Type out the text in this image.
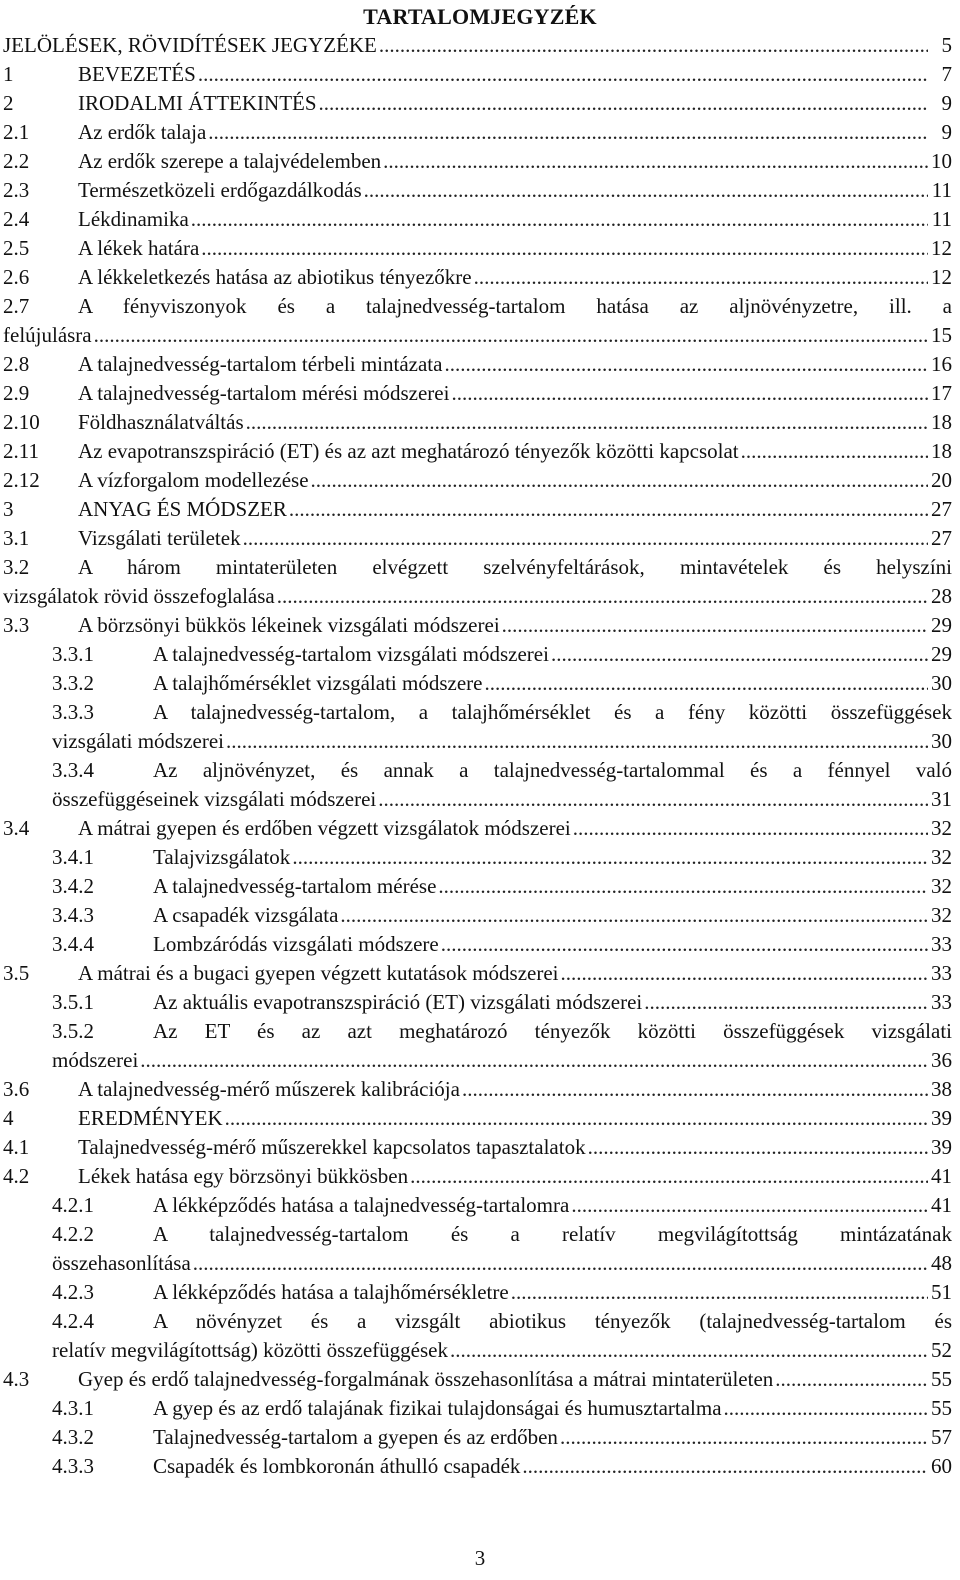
TARTALOMJEGYZÉK
JELÖLÉSEK, RÖVIDÍTÉSEK JEGYZÉKE .....	5
1	BEVEZETÉS .....	7
2	IRODALMI ÁTTEKINTÉS .....	9
2.1	Az erdők talaja .....	9
2.2	Az erdők szerepe a talajvédelemben .....	10
2.3	Természetközeli erdőgazdálkodás .....	11
2.4	Lékdinamika .....	11
2.5	A lékek határa .....	12
2.6	A lékkeletkezés hatása az abiotikus tényezőkre .....	12
2.7	A fényviszonyok és a talajnedvesség-tartalom hatása az aljnövényzetre, ill. a
felújulásra .....	15
2.8	A talajnedvesség-tartalom térbeli mintázata .....	16
2.9	A talajnedvesség-tartalom mérési módszerei .....	17
2.10	Földhasználatváltás .....	18
2.11	Az evapotranszspiráció (ET) és az azt meghatározó tényezők közötti kapcsolat .....	18
2.12	A vízforgalom modellezése .....	20
3	ANYAG ÉS MÓDSZER .....	27
3.1	Vizsgálati területek .....	27
3.2	A három mintaterületen elvégzett szelvényfeltárások, mintavételek és helyszíni
vizsgálatok rövid összefoglalása .....	28
3.3	A börzsönyi bükkös lékeinek vizsgálati módszerei .....	29
3.3.1	A talajnedvesség-tartalom vizsgálati módszerei .....	29
3.3.2	A talajhőmérséklet vizsgálati módszere .....	30
3.3.3	A talajnedvesség-tartalom, a talajhőmérséklet és a fény közötti összefüggések
vizsgálati módszerei .....	30
3.3.4	Az aljnövényzet, és annak a talajnedvesség-tartalommal és a fénnyel való
összefüggéseinek vizsgálati módszerei .....	31
3.4	A mátrai gyepen és erdőben végzett vizsgálatok módszerei .....	32
3.4.1	Talajvizsgálatok .....	32
3.4.2	A talajnedvesség-tartalom mérése .....	32
3.4.3	A csapadék vizsgálata .....	32
3.4.4	Lombzáródás vizsgálati módszere .....	33
3.5	A mátrai és a bugaci gyepen végzett kutatások módszerei .....	33
3.5.1	Az aktuális evapotranszspiráció (ET) vizsgálati módszerei .....	33
3.5.2	Az ET és az azt meghatározó tényezők közötti összefüggések vizsgálati
módszerei .....	36
3.6	A talajnedvesség-mérő műszerek kalibrációja .....	38
4	EREDMÉNYEK .....	39
4.1	Talajnedvesség-mérő műszerekkel kapcsolatos tapasztalatok .....	39
4.2	Lékek hatása egy börzsönyi bükkösben .....	41
4.2.1	A lékképződés hatása a talajnedvesség-tartalomra .....	41
4.2.2	A talajnedvesség-tartalom és a relatív megvilágítottság mintázatának
összehasonlítása .....	48
4.2.3	A lékképződés hatása a talajhőmérsékletre .....	51
4.2.4	A növényzet és a vizsgált abiotikus tényezők (talajnedvesség-tartalom és
relatív megvilágítottság) közötti összefüggések .....	52
4.3	Gyep és erdő talajnedvesség-forgalmának összehasonlítása a mátrai mintaterületen .....	55
4.3.1	A gyep és az erdő talajának fizikai tulajdonságai és humusztartalma .....	55
4.3.2	Talajnedvesség-tartalom a gyepen és az erdőben .....	57
4.3.3	Csapadék és lombkoronán áthulló csapadék .....	60
3
